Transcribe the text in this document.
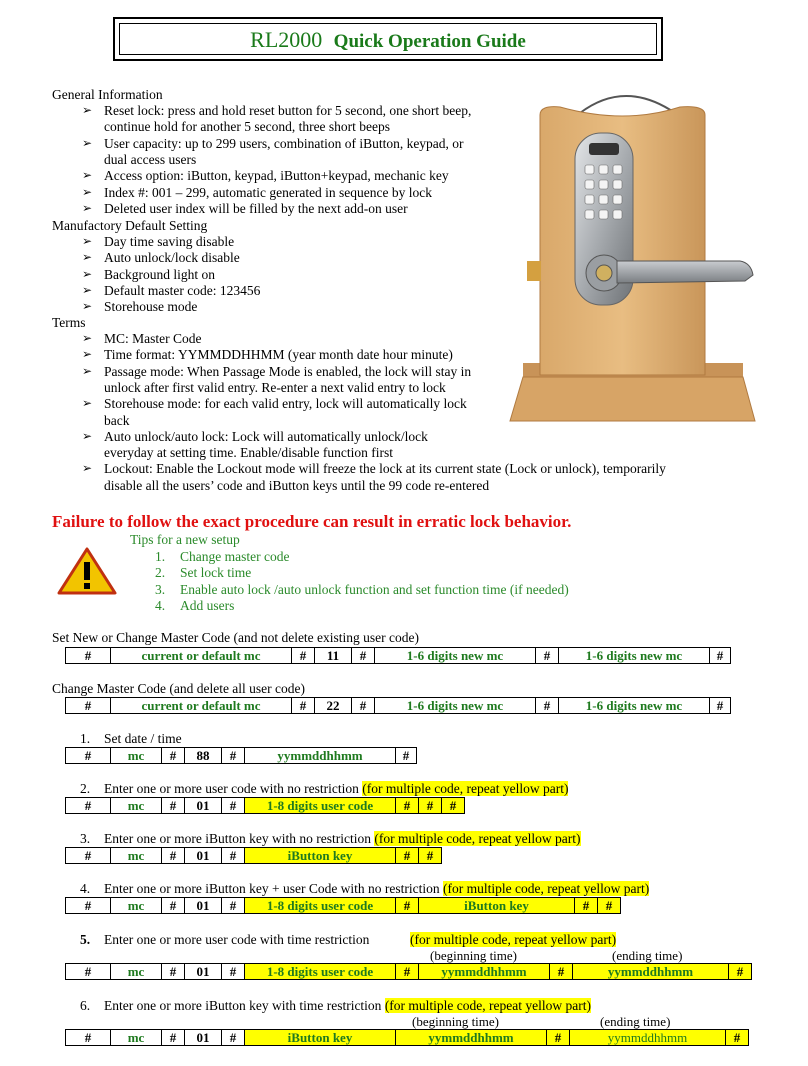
RL2000 Quick Operation Guide
General Information
➢ Reset lock: press and hold reset button for 5 second, one short beep,
continue hold for another 5 second, three short beeps
➢ User capacity: up to 299 users, combination of iButton, keypad, or
dual access users
➢ Access option: iButton, keypad, iButton+keypad, mechanic key
➢ Index #: 001 – 299, automatic generated in sequence by lock
➢ Deleted user index will be filled by the next add-on user
Manufactory Default Setting
➢ Day time saving disable
➢ Auto unlock/lock disable
➢ Background light on
➢ Default master code: 123456
➢ Storehouse mode
Terms
➢ MC: Master Code
➢ Time format: YYMMDDHHMM (year month date hour minute)
➢ Passage mode: When Passage Mode is enabled, the lock will stay in
unlock after first valid entry. Re-enter a next valid entry to lock
➢ Storehouse mode: for each valid entry, lock will automatically lock
back
➢ Auto unlock/auto lock: Lock will automatically unlock/lock
everyday at setting time. Enable/disable function first
➢ Lockout: Enable the Lockout mode will freeze the lock at its current state (Lock or unlock), temporarily
disable all the users’ code and iButton keys until the 99 code re-entered
Failure to follow the exact procedure can result in erratic lock behavior.
Tips for a new setup
1. Change master code
2. Set lock time
3. Enable auto lock /auto unlock function and set function time (if needed)
4. Add users
Set New or Change Master Code (and not delete existing user code)
#	current or default mc	#	11	#	1-6 digits new mc	#	1-6 digits new mc	#
Change Master Code (and delete all user code)
#	current or default mc	#	22	#	1-6 digits new mc	#	1-6 digits new mc	#
1. Set date / time
#	mc	#	88	#	yymmddhhmm	#
2. Enter one or more user code with no restriction (for multiple code, repeat yellow part)
#	mc	#	01	#	1-8 digits user code	#	#	#
3. Enter one or more iButton key with no restriction (for multiple code, repeat yellow part)
#	mc	#	01	#	iButton key	#	#
4. Enter one or more iButton key + user Code with no restriction (for multiple code, repeat yellow part)
#	mc	#	01	#	1-8 digits user code	#	iButton key	#	#
5. Enter one or more user code with time restriction	(for multiple code, repeat yellow part)
(beginning time)	(ending time)
#	mc	#	01	#	1-8 digits user code	#	yymmddhhmm	#	yymmddhhmm	#
6. Enter one or more iButton key with time restriction (for multiple code, repeat yellow part)
(beginning time)	(ending time)
#	mc	#	01	#	iButton key	yymmddhhmm	#	yymmddhhmm	#
